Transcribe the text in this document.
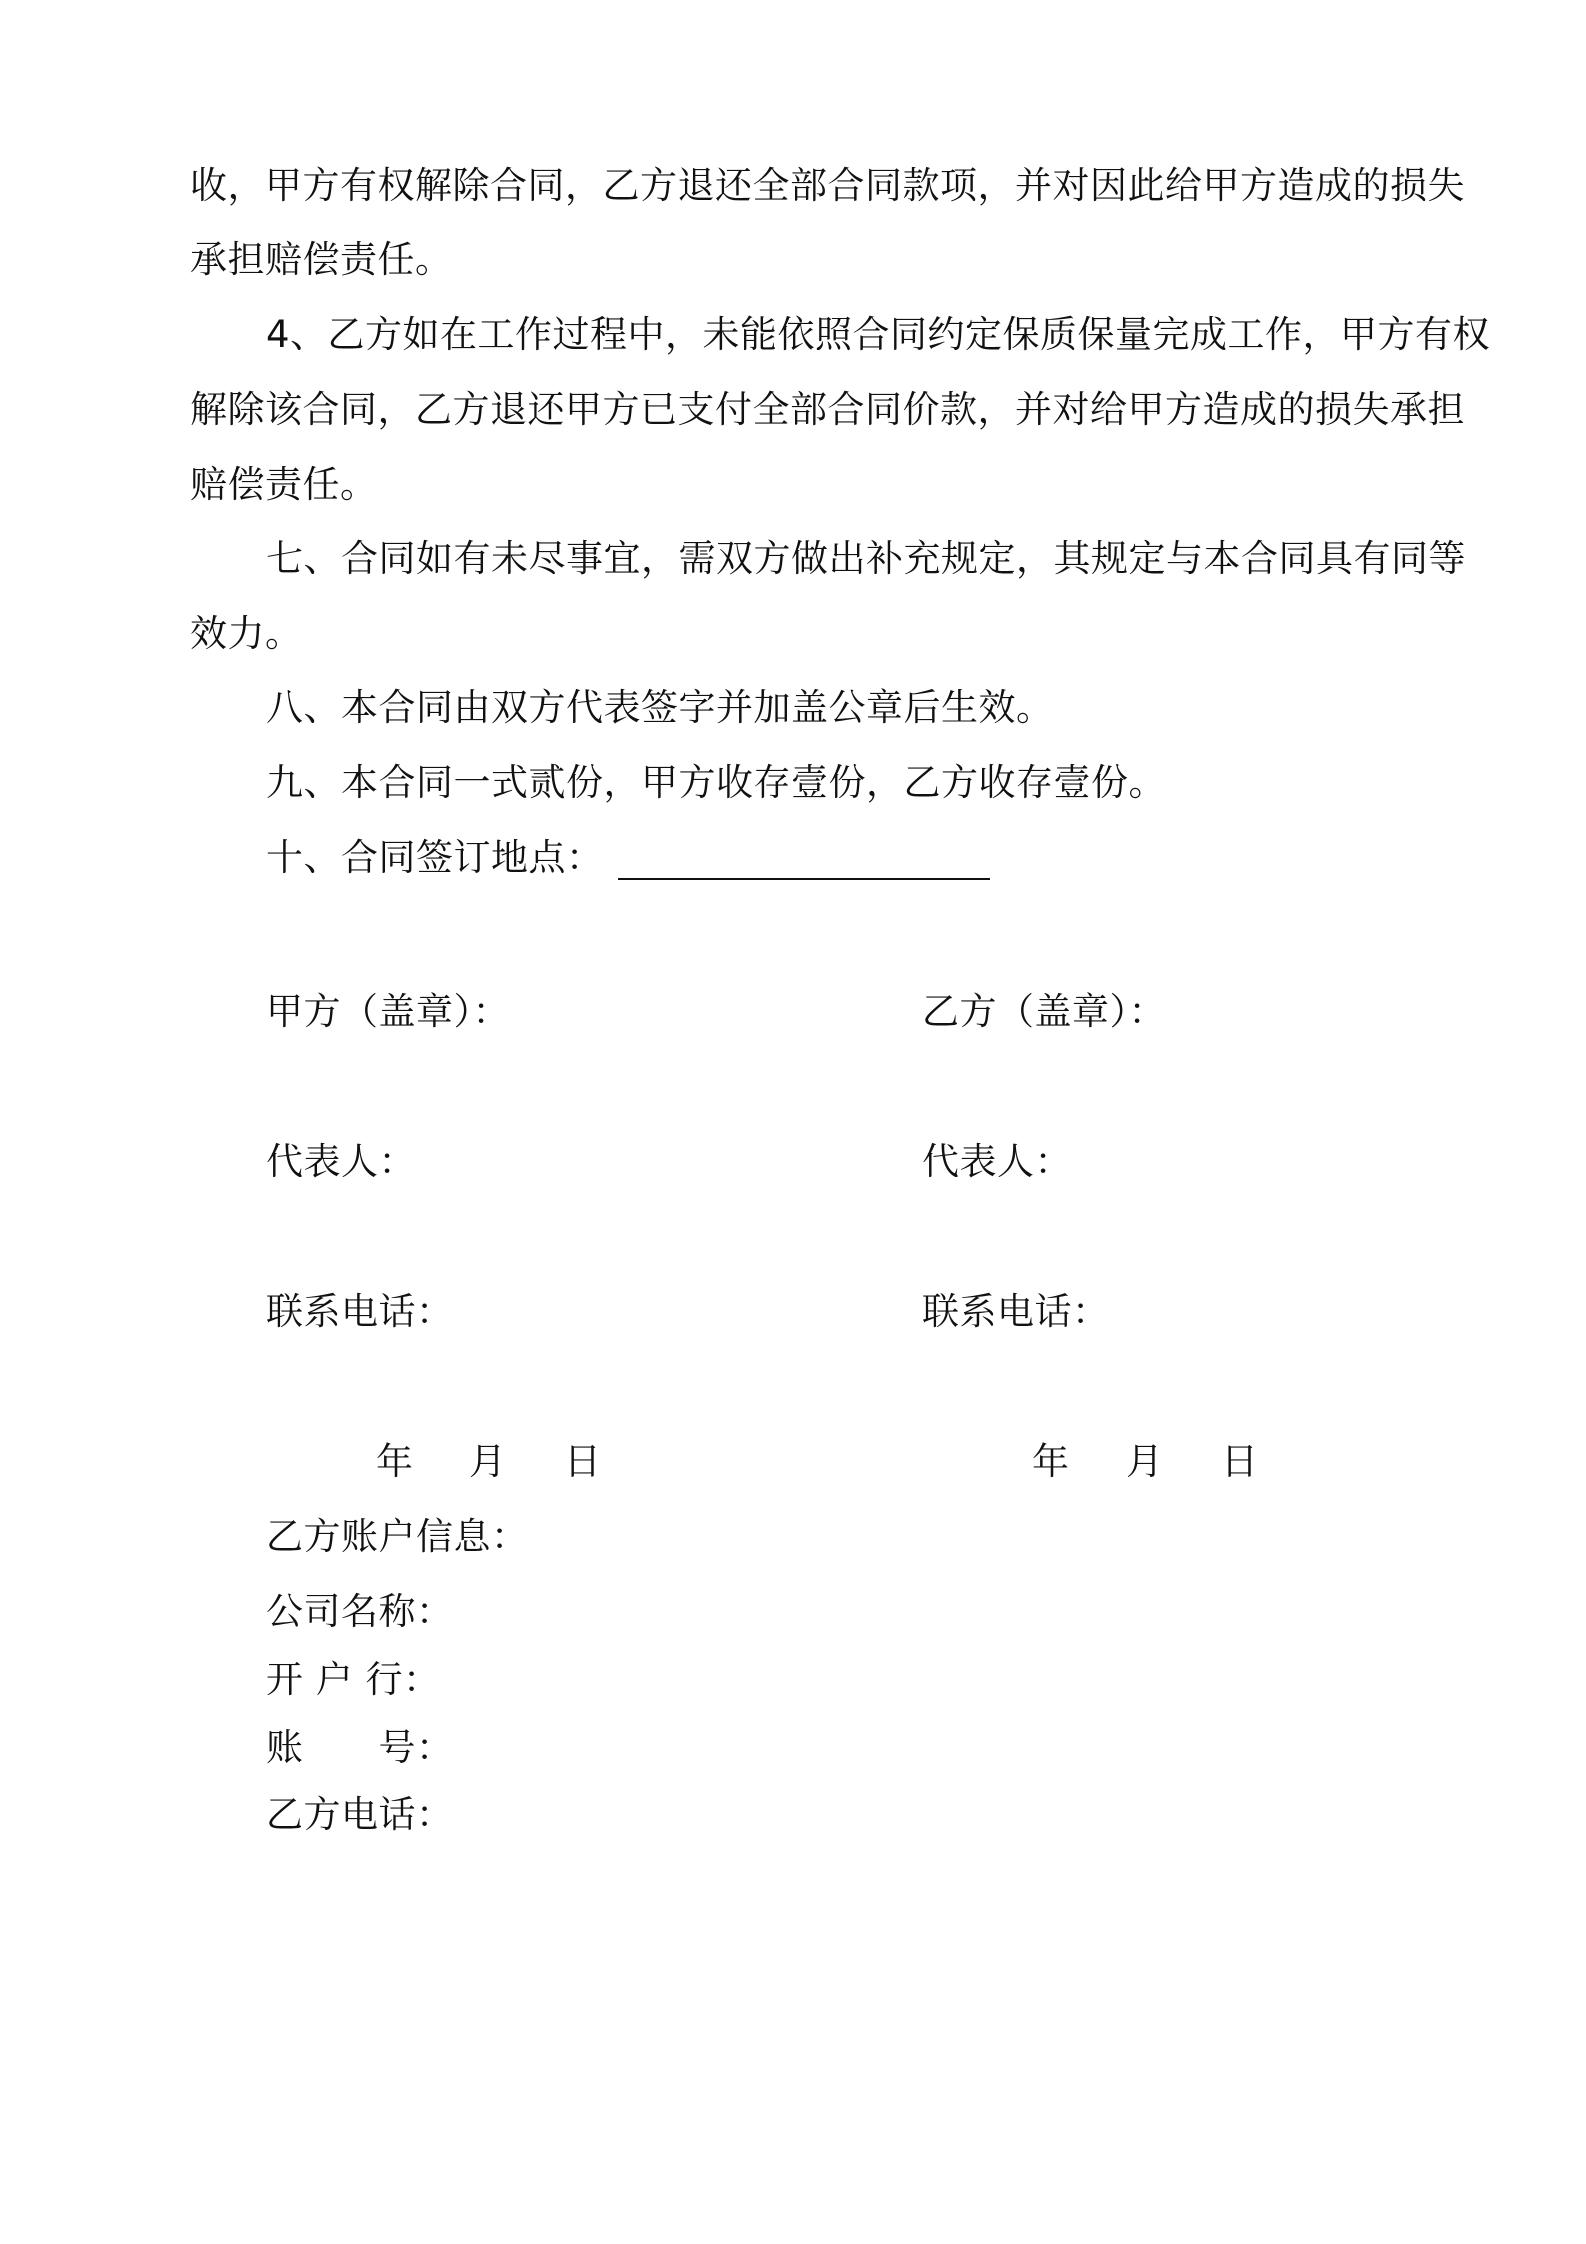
收，甲方有权解除合同，乙方退还全部合同款项，并对因此给甲方造成的损失
承担赔偿责任。
4、乙方如在工作过程中，未能依照合同约定保质保量完成工作，甲方有权
解除该合同，乙方退还甲方已支付全部合同价款，并对给甲方造成的损失承担
赔偿责任。
七、合同如有未尽事宜，需双方做出补充规定，其规定与本合同具有同等
效力。
八、本合同由双方代表签字并加盖公章后生效。
九、本合同一式贰份，甲方收存壹份，乙方收存壹份。
十、合同签订地点：
甲方（盖章）：	乙方（盖章）：
代表人：	代表人：
联系电话：	联系电话：
年 月 日	年 月 日
乙方账户信息：
公司名称：
开 户 行：
账　　号：
乙方电话：
